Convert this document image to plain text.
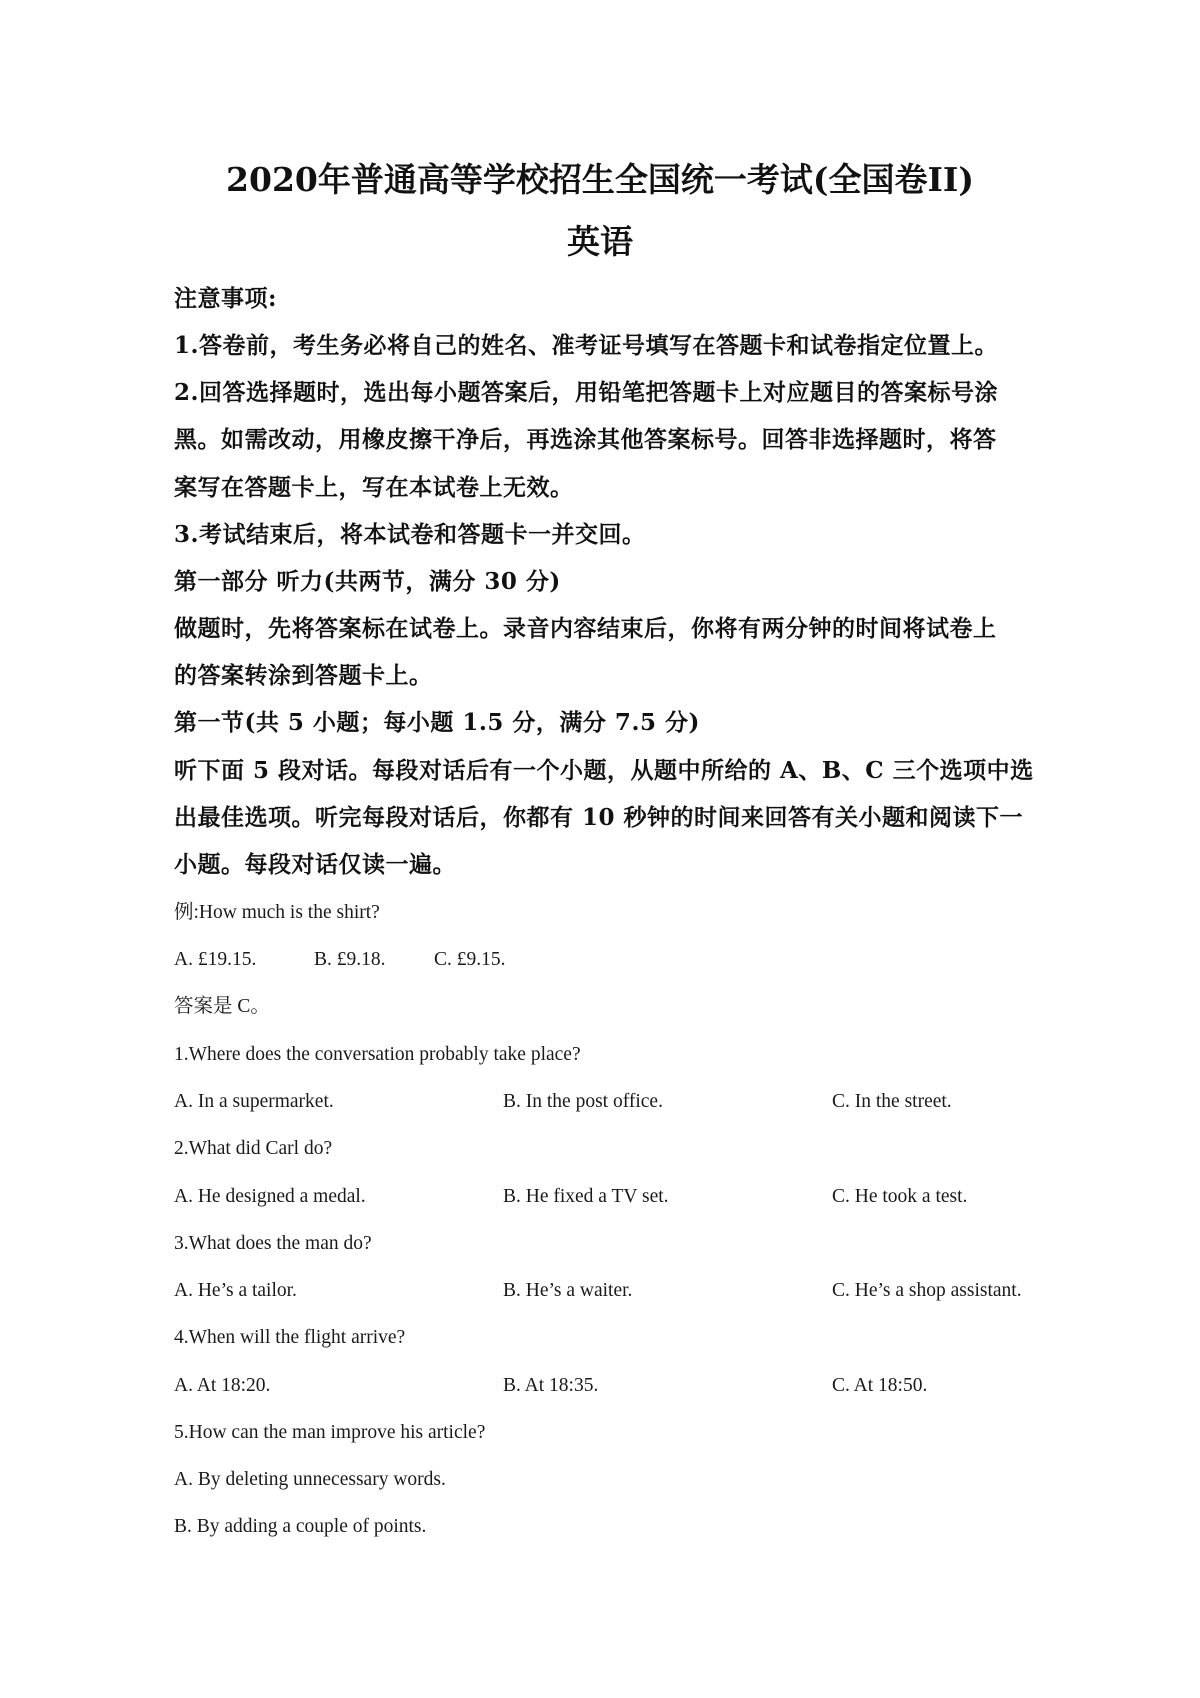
2020年普通高等学校招生全国统一考试(全国卷II)
英语

注意事项:

1.答卷前，考生务必将自己的姓名、准考证号填写在答题卡和试卷指定位置上。

2.回答选择题时，选出每小题答案后，用铅笔把答题卡上对应题目的答案标号涂

黑。如需改动，用橡皮擦干净后，再选涂其他答案标号。回答非选择题时，将答

案写在答题卡上，写在本试卷上无效。

3.考试结束后，将本试卷和答题卡一并交回。

第一部分 听力(共两节，满分 30 分)

做题时，先将答案标在试卷上。录音内容结束后，你将有两分钟的时间将试卷上

的答案转涂到答题卡上。

第一节(共 5 小题；每小题 1.5 分，满分 7.5 分)

听下面 5 段对话。每段对话后有一个小题，从题中所给的 A、B、C 三个选项中选

出最佳选项。听完每段对话后，你都有 10 秒钟的时间来回答有关小题和阅读下一

小题。每段对话仅读一遍。

例:How much is the shirt?

A. £19.15.	B. £9.18. C. £9.15.

答案是 C。

1.Where does the conversation probably take place?

A. In a supermarket.	B. In the post office.	C. In the street.

2.What did Carl do?

A. He designed a medal.	B. He fixed a TV set.	C. He took a test.

3.What does the man do?

A. He’s a tailor.	B. He’s a waiter.	C. He’s a shop assistant.

4.When will the flight arrive?

A. At 18:20.	B. At 18:35.	C. At 18:50.

5.How can the man improve his article?

A. By deleting unnecessary words.

B. By adding a couple of points.
